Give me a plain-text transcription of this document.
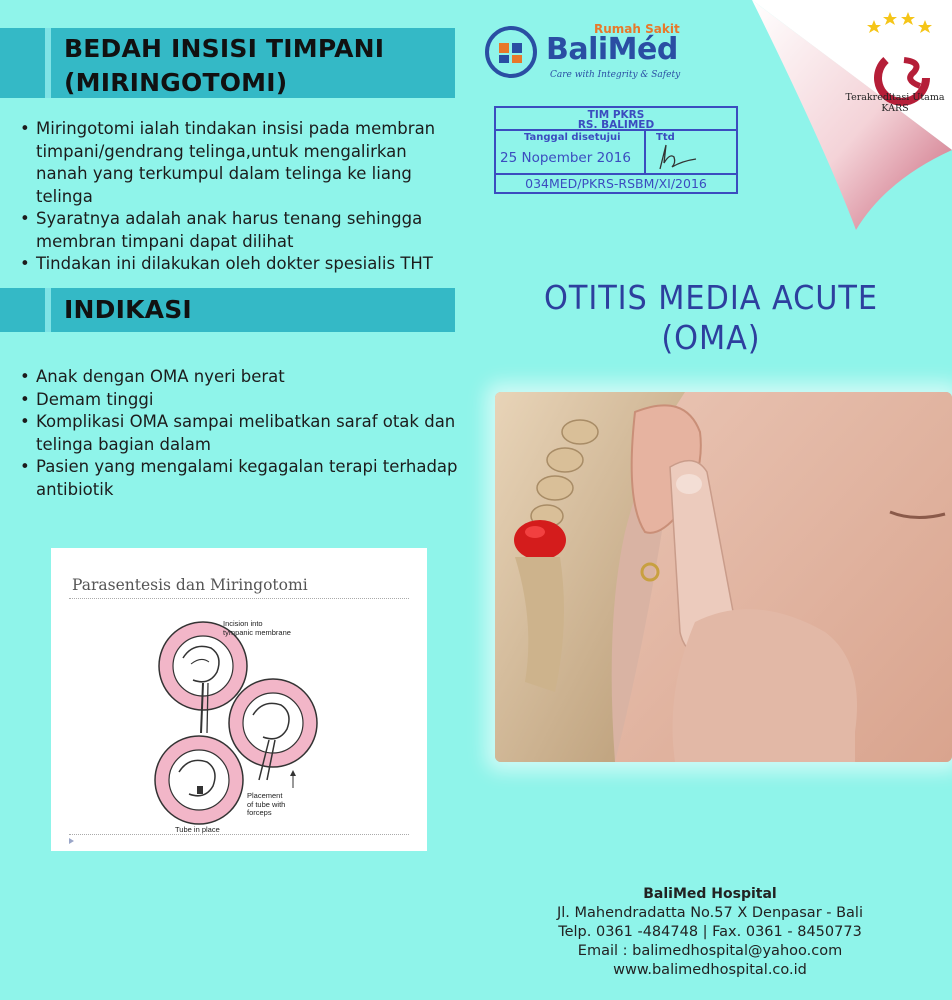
BEDAH INSISI TIMPANI
(MIRINGOTOMI)
• Miringotomi ialah tindakan insisi pada membran timpani/gendrang telinga,untuk mengalirkan nanah yang terkumpul dalam telinga ke liang telinga
• Syaratnya adalah anak harus tenang sehingga membran timpani dapat dilihat
• Tindakan ini dilakukan oleh dokter spesialis THT
INDIKASI
• Anak dengan OMA nyeri berat
• Demam tinggi
• Komplikasi OMA sampai melibatkan saraf otak dan telinga bagian dalam
• Pasien yang mengalami kegagalan terapi terhadap antibiotik
Rumah Sakit
BaliMéd
Care with Integrity & Safety
TIM PKRS
RS. BALIMED
Tanggal disetujui
25 Nopember 2016
Ttd
034MED/PKRS-RSBM/XI/2016
Terakreditasi Utama
KARS
OTITIS MEDIA ACUTE
(OMA)
Parasentesis dan Miringotomi
Incision into
tympanic membrane
Placement
of tube with
forceps
Tube in place
BaliMed Hospital
Jl. Mahendradatta No.57 X Denpasar - Bali
Telp. 0361 -484748 | Fax. 0361 - 8450773
Email : balimedhospital@yahoo.com
www.balimedhospital.co.id
